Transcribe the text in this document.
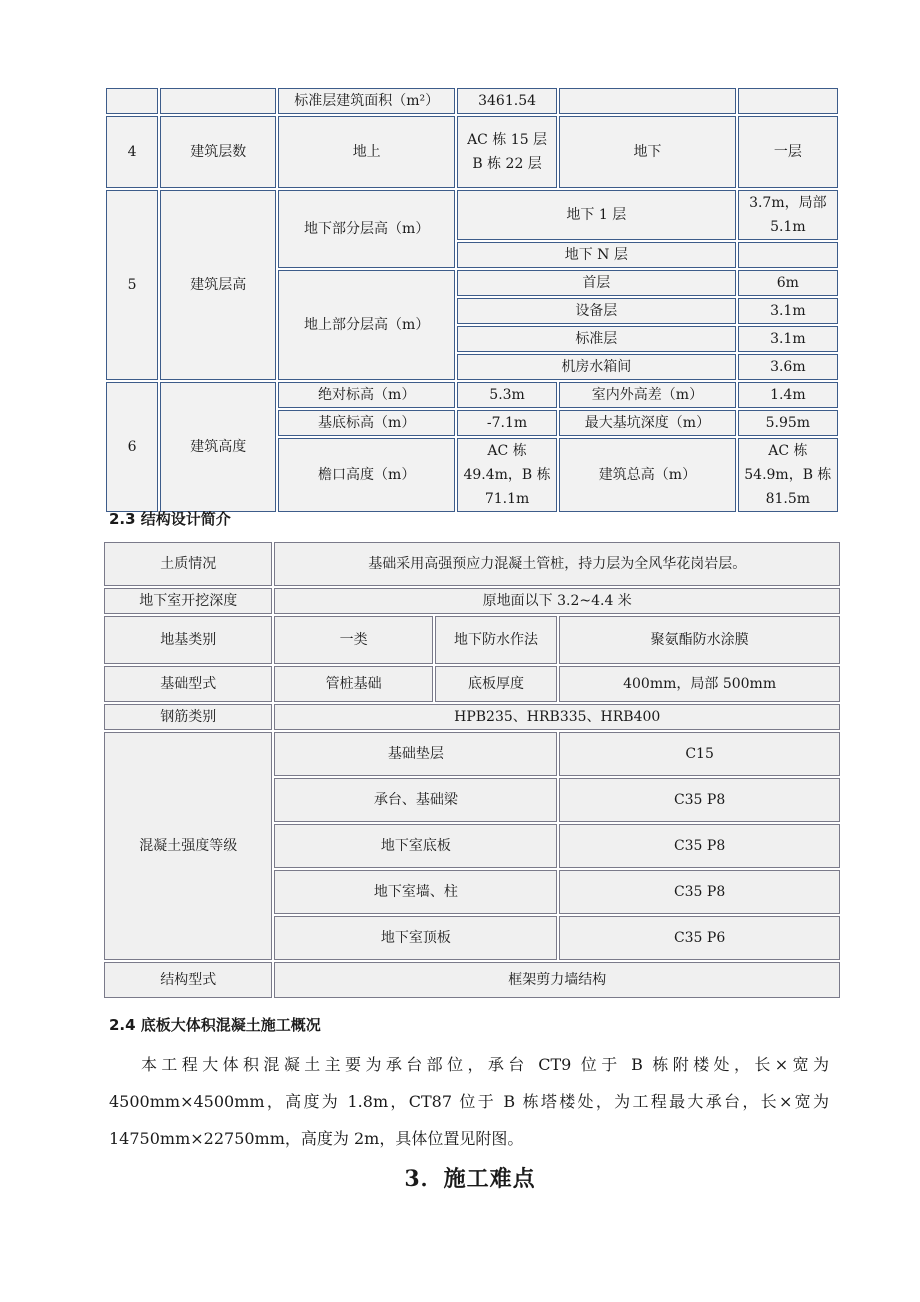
		标准层建筑面积（m²）	3461.54		
4	建筑层数	地上	AC 栋 15 层 B 栋 22 层	地下	一层
5	建筑层高	地下部分层高（m）	地下 1 层		3.7m，局部 5.1m
			地下 N 层		
		地上部分层高（m）	首层		6m
			设备层		3.1m
			标准层		3.1m
			机房水箱间		3.6m
6	建筑高度	绝对标高（m）	5.3m	室内外高差（m）	1.4m
		基底标高（m）	-7.1m	最大基坑深度（m）	5.95m
		檐口高度（m）	AC 栋 49.4m，B 栋 71.1m	建筑总高（m）	AC 栋 54.9m，B 栋 81.5m
2.3 结构设计简介
土质情况	基础采用高强预应力混凝土管桩，持力层为全风华花岗岩层。		
地下室开挖深度	原地面以下 3.2~4.4 米		
地基类别	一类	地下防水作法	聚氨酯防水涂膜
基础型式	管桩基础	底板厚度	400mm，局部 500mm
钢筋类别	HPB235、HRB335、HRB400		
混凝土强度等级	基础垫层		C15
	承台、基础梁		C35 P8
	地下室底板		C35 P8
	地下室墙、柱		C35 P8
	地下室顶板		C35 P6
结构型式	框架剪力墙结构		
2.4 底板大体积混凝土施工概况
本工程大体积混凝土主要为承台部位，承台 CT9 位于 B 栋附楼处，长×宽为4500mm×4500mm，高度为 1.8m，CT87 位于 B 栋塔楼处，为工程最大承台，长×宽为14750mm×22750mm，高度为 2m，具体位置见附图。
3．施工难点
